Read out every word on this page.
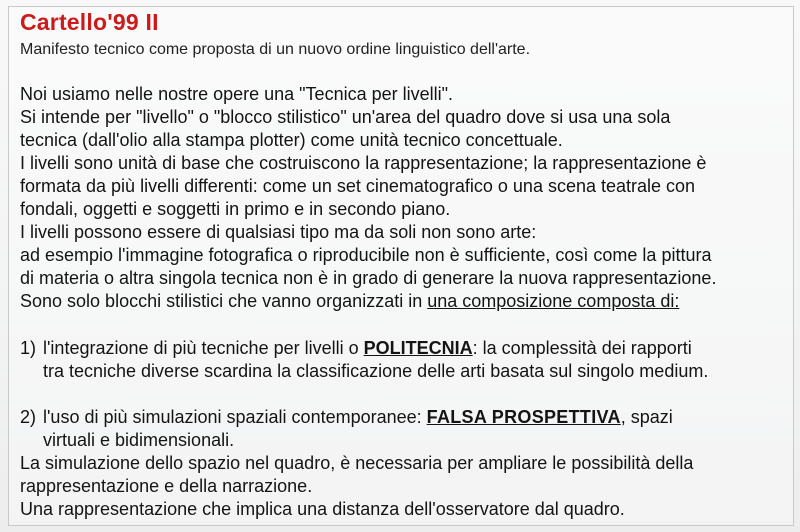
Cartello'99 II
Manifesto tecnico come proposta di un nuovo ordine linguistico dell'arte.
Noi usiamo nelle nostre opere una "Tecnica per livelli".
Si intende per "livello" o "blocco stilistico" un'area del quadro dove si usa una sola
tecnica (dall'olio alla stampa plotter) come unità tecnico concettuale.
I livelli sono unità di base che costruiscono la rappresentazione; la rappresentazione è
formata da più livelli differenti: come un set cinematografico o una scena teatrale con
fondali, oggetti e soggetti in primo e in secondo piano.
I livelli possono essere di qualsiasi tipo ma da soli non sono arte:
ad esempio l'immagine fotografica o riproducibile non è sufficiente, così come la pittura
di materia o altra singola tecnica non è in grado di generare la nuova rappresentazione.
Sono solo blocchi stilistici che vanno organizzati in una composizione composta di:
1) l'integrazione di più tecniche per livelli o POLITECNIA: la complessità dei rapporti
tra tecniche diverse scardina la classificazione delle arti basata sul singolo medium.
2) l'uso di più simulazioni spaziali contemporanee: FALSA PROSPETTIVA, spazi
virtuali e bidimensionali.
La simulazione dello spazio nel quadro, è necessaria per ampliare le possibilità della
rappresentazione e della narrazione.
Una rappresentazione che implica una distanza dell'osservatore dal quadro.
